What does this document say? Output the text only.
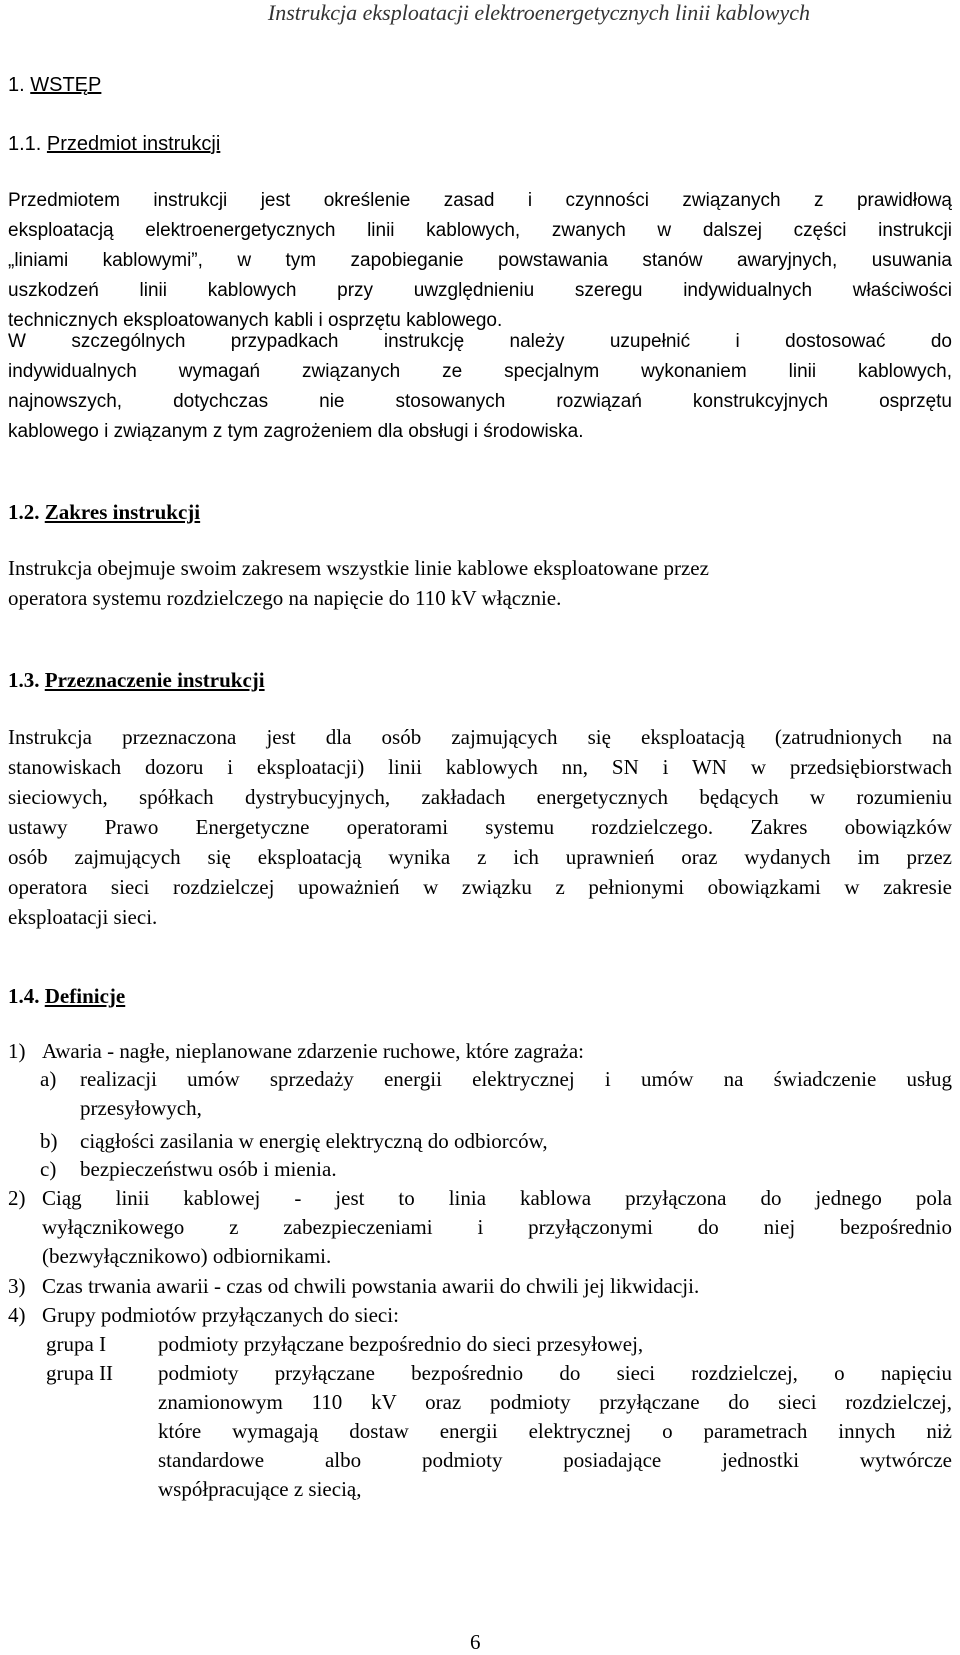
Instrukcja eksploatacji elektroenergetycznych linii kablowych
1. WSTĘP
1.1. Przedmiot instrukcji
Przedmiotem instrukcji jest określenie zasad i czynności związanych z prawidłową
eksploatacją elektroenergetycznych linii kablowych, zwanych w dalszej części instrukcji
„liniami kablowymi”, w tym zapobieganie powstawania stanów awaryjnych, usuwania
uszkodzeń linii kablowych przy uwzględnieniu szeregu indywidualnych właściwości
technicznych eksploatowanych kabli i osprzętu kablowego.
W szczególnych przypadkach instrukcję należy uzupełnić i dostosować do
indywidualnych wymagań związanych ze specjalnym wykonaniem linii kablowych,
najnowszych, dotychczas nie stosowanych rozwiązań konstrukcyjnych osprzętu
kablowego i związanym z tym zagrożeniem dla obsługi i środowiska.
1.2. Zakres instrukcji
Instrukcja obejmuje swoim zakresem wszystkie linie kablowe eksploatowane przez
operatora systemu rozdzielczego na napięcie do 110 kV włącznie.
1.3. Przeznaczenie instrukcji
Instrukcja przeznaczona jest dla osób zajmujących się eksploatacją (zatrudnionych na
stanowiskach dozoru i eksploatacji) linii kablowych nn, SN i WN w przedsiębiorstwach
sieciowych, spółkach dystrybucyjnych, zakładach energetycznych będących w rozumieniu
ustawy Prawo Energetyczne operatorami systemu rozdzielczego. Zakres obowiązków
osób zajmujących się eksploatacją wynika z ich uprawnień oraz wydanych im przez
operatora sieci rozdzielczej upoważnień w związku z pełnionymi obowiązkami w zakresie
eksploatacji sieci.
1.4. Definicje
1) Awaria - nagłe, nieplanowane zdarzenie ruchowe, które zagraża:
a) realizacji umów sprzedaży energii elektrycznej i umów na świadczenie usług
przesyłowych,
b) ciągłości zasilania w energię elektryczną do odbiorców,
c) bezpieczeństwu osób i mienia.
2) Ciąg linii kablowej - jest to linia kablowa przyłączona do jednego pola
wyłącznikowego z zabezpieczeniami i przyłączonymi do niej bezpośrednio
(bezwyłącznikowo) odbiornikami.
3) Czas trwania awarii - czas od chwili powstania awarii do chwili jej likwidacji.
4) Grupy podmiotów przyłączanych do sieci:
grupa I podmioty przyłączane bezpośrednio do sieci przesyłowej,
grupa II podmioty przyłączane bezpośrednio do sieci rozdzielczej, o napięciu
znamionowym 110 kV oraz podmioty przyłączane do sieci rozdzielczej,
które wymagają dostaw energii elektrycznej o parametrach innych niż
standardowe albo podmioty posiadające jednostki wytwórcze
współpracujące z siecią,
6
